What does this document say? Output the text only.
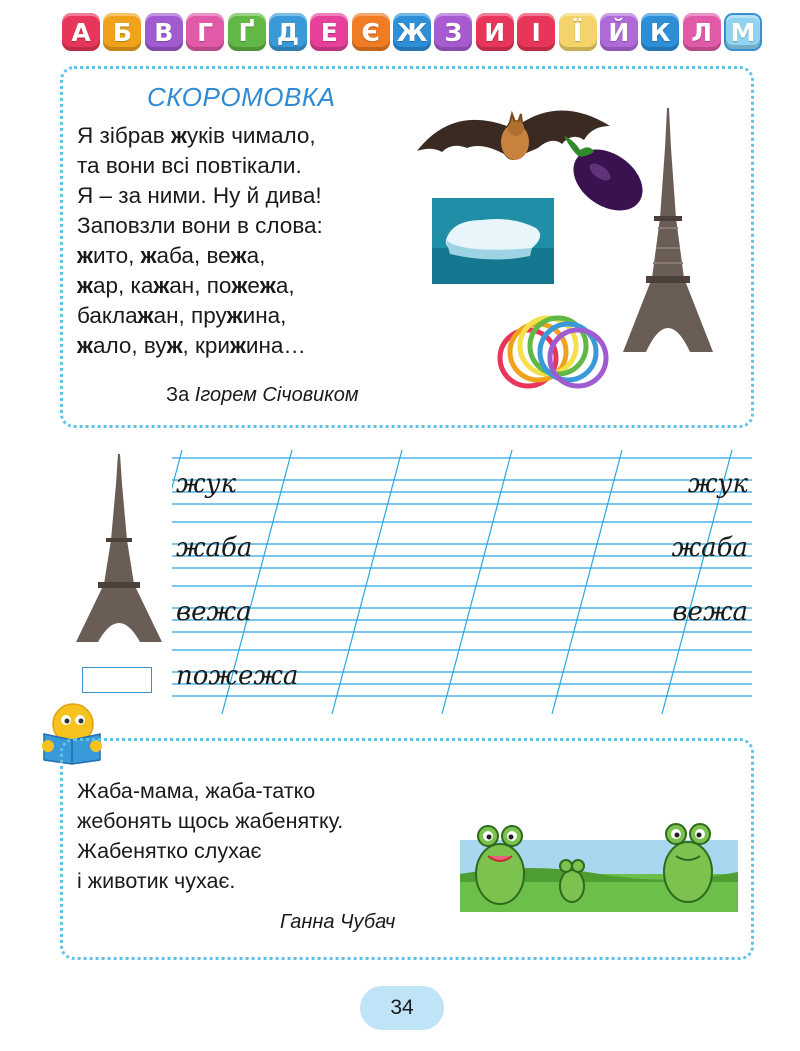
А Б В Г	Ґ Д Е Є Ж З И	І	Ї	Й К Л М
СКОРОМОВКА
Я зібрав жуків чимало,
та вони всі повтікали.
Я – за ними. Ну й дива!
Заповзли вони в слова:
жито, жаба, вежа,
жар, кажан, пожежа,
баклажан, пружина,
жало, вуж, крижина…
За Ігорем Січовиком
жук	жук
жаба	жаба
вежа	вежа
пожежа
Жаба-мама, жаба-татко
жебонять щось жабенятку.
Жабенятко слухає
і животик чухає.
Ганна Чубач
34
